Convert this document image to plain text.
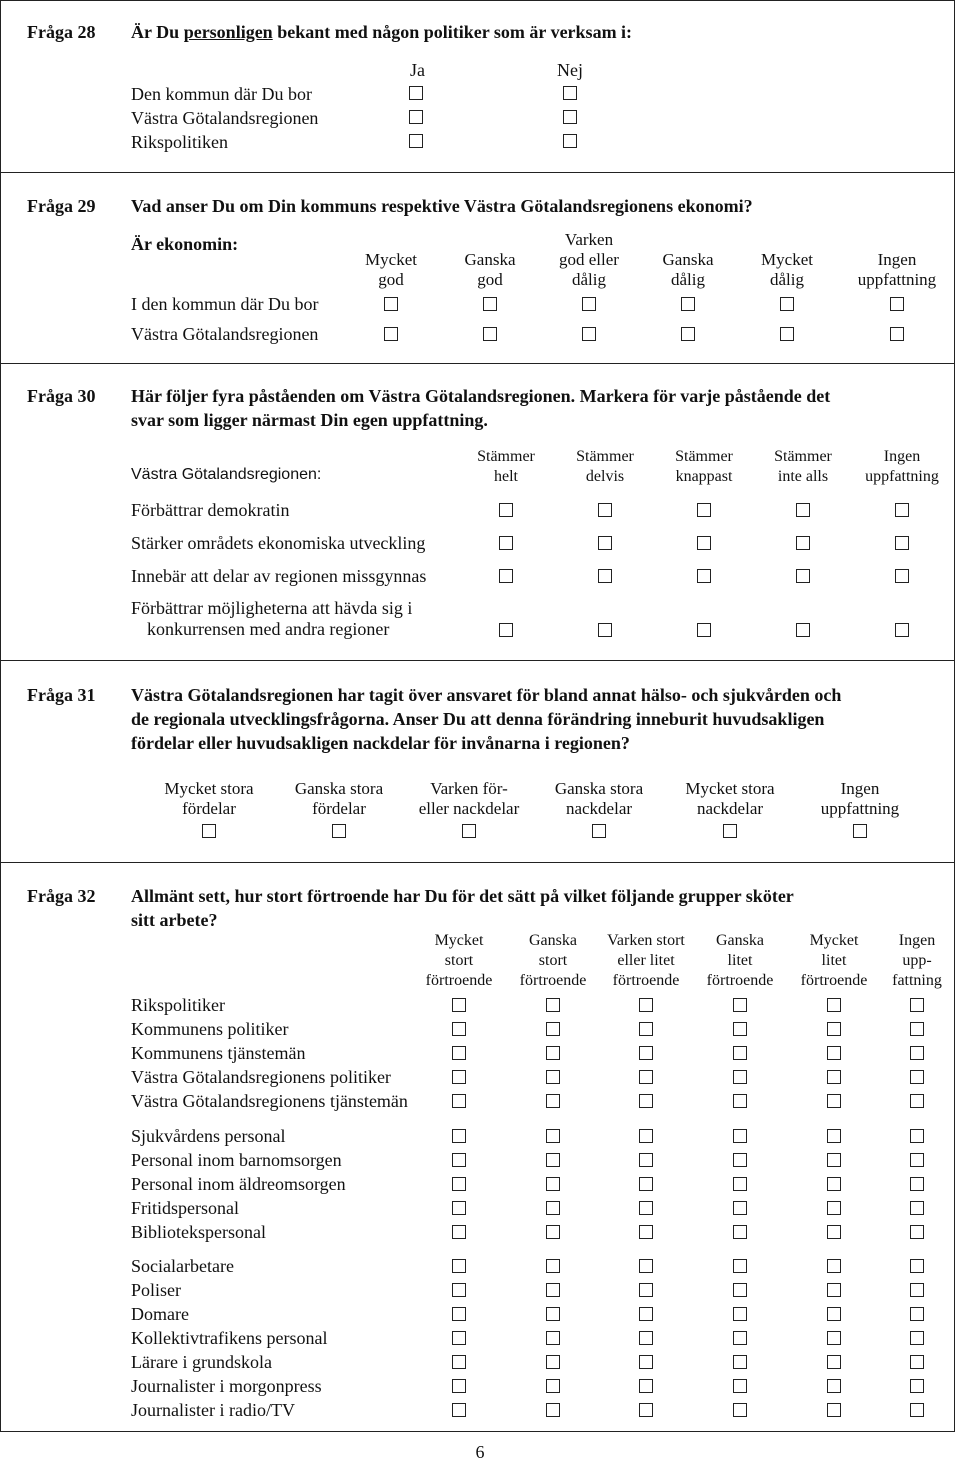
Fråga 28 Är Du personligen bekant med någon politiker som är verksam i:
Ja	Nej
Den kommun där Du bor
Västra Götalandsregionen
Rikspolitiken
Fråga 29 Vad anser Du om Din kommuns respektive Västra Götalandsregionens ekonomi?
Är ekonomin:
Mycket
god
Ganska
god
Varken
god eller
dålig
Ganska
dålig
Mycket
dålig
Ingen
uppfattning
I den kommun där Du bor
Västra Götalandsregionen
Fråga 30 Här följer fyra påståenden om Västra Götalandsregionen. Markera för varje påstående det
svar som ligger närmast Din egen uppfattning.
Västra Götalandsregionen:
Stämmer
helt
Stämmer
delvis
Stämmer
knappast
Stämmer
inte alls
Ingen
uppfattning
Förbättrar demokratin
Stärker områdets ekonomiska utveckling
Innebär att delar av regionen missgynnas
Förbättrar möjligheterna att hävda sig i
konkurrensen med andra regioner
Fråga 31 Västra Götalandsregionen har tagit över ansvaret för bland annat hälso- och sjukvården och
de regionala utvecklingsfrågorna. Anser Du att denna förändring inneburit huvudsakligen
fördelar eller huvudsakligen nackdelar för invånarna i regionen?
Mycket stora
fördelar
Ganska stora
fördelar
Varken för-
eller nackdelar
Ganska stora
nackdelar
Mycket stora
nackdelar
Ingen
uppfattning
Fråga 32 Allmänt sett, hur stort förtroende har Du för det sätt på vilket följande grupper sköter
sitt arbete?
Mycket
stort
förtroende
Ganska
stort
förtroende
Varken stort
eller litet
förtroende
Ganska
litet
förtroende
Mycket
litet
förtroende
Ingen
upp-
fattning
Rikspolitiker
Kommunens politiker
Kommunens tjänstemän
Västra Götalandsregionens politiker
Västra Götalandsregionens tjänstemän
Sjukvårdens personal
Personal inom barnomsorgen
Personal inom äldreomsorgen
Fritidspersonal
Bibliotekspersonal
Socialarbetare
Poliser
Domare
Kollektivtrafikens personal
Lärare i grundskola
Journalister i morgonpress
Journalister i radio/TV
6
